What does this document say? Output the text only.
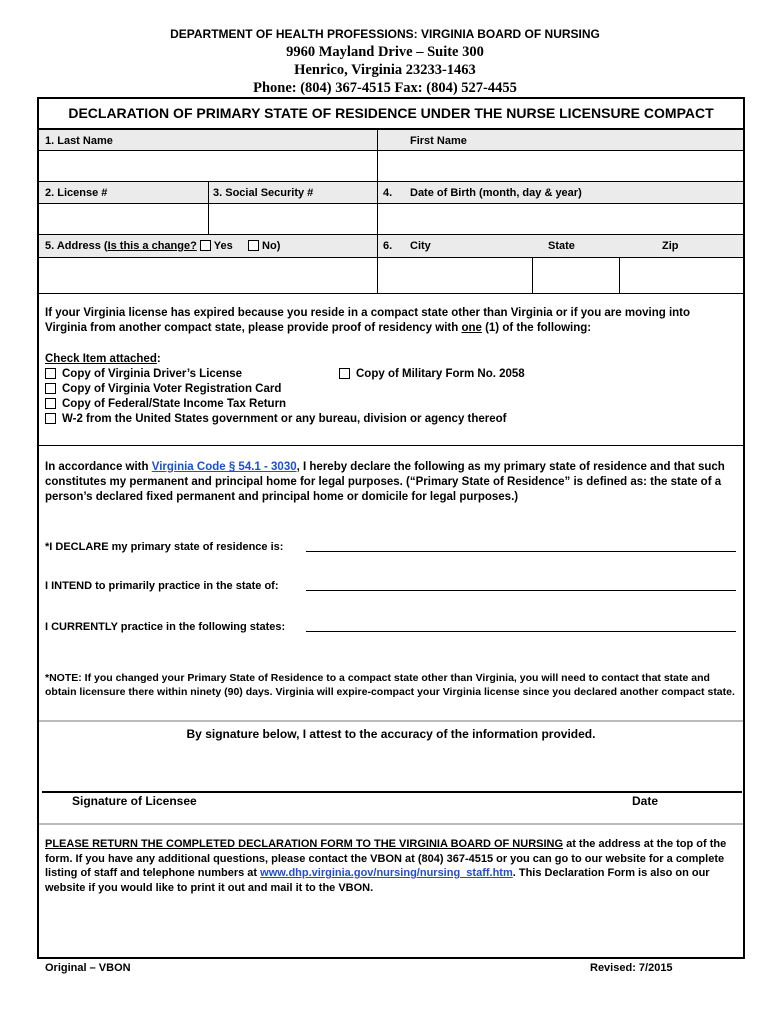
DEPARTMENT OF HEALTH PROFESSIONS: VIRGINIA BOARD OF NURSING
9960 Mayland Drive – Suite 300
Henrico, Virginia 23233-1463
Phone: (804) 367-4515 Fax: (804) 527-4455
DECLARATION OF PRIMARY STATE OF RESIDENCE UNDER THE NURSE LICENSURE COMPACT
1. Last Name	First Name
2. License #	3. Social Security #	4. Date of Birth (month, day & year)
5. Address (Is this a change? Yes	No)	6. City	State	Zip
If your Virginia license has expired because you reside in a compact state other than Virginia or if you are moving into Virginia from another compact state, please provide proof of residency with one (1) of the following:
Check Item attached:
Copy of Virginia Driver’s License	Copy of Military Form No. 2058
Copy of Virginia Voter Registration Card
Copy of Federal/State Income Tax Return
W-2 from the United States government or any bureau, division or agency thereof
In accordance with Virginia Code § 54.1 - 3030, I hereby declare the following as my primary state of residence and that such constitutes my permanent and principal home for legal purposes. (“Primary State of Residence” is defined as: the state of a person’s declared fixed permanent and principal home or domicile for legal purposes.)
*I DECLARE my primary state of residence is:
I INTEND to primarily practice in the state of:
I CURRENTLY practice in the following states:
*NOTE: If you changed your Primary State of Residence to a compact state other than Virginia, you will need to contact that state and obtain licensure there within ninety (90) days. Virginia will expire-compact your Virginia license since you declared another compact state.
By signature below, I attest to the accuracy of the information provided.
Signature of Licensee	Date
PLEASE RETURN THE COMPLETED DECLARATION FORM TO THE VIRGINIA BOARD OF NURSING at the address at the top of the form. If you have any additional questions, please contact the VBON at (804) 367-4515 or you can go to our website for a complete listing of staff and telephone numbers at www.dhp.virginia.gov/nursing/nursing_staff.htm. This Declaration Form is also on our website if you would like to print it out and mail it to the VBON.
Original – VBON	Revised: 7/2015
